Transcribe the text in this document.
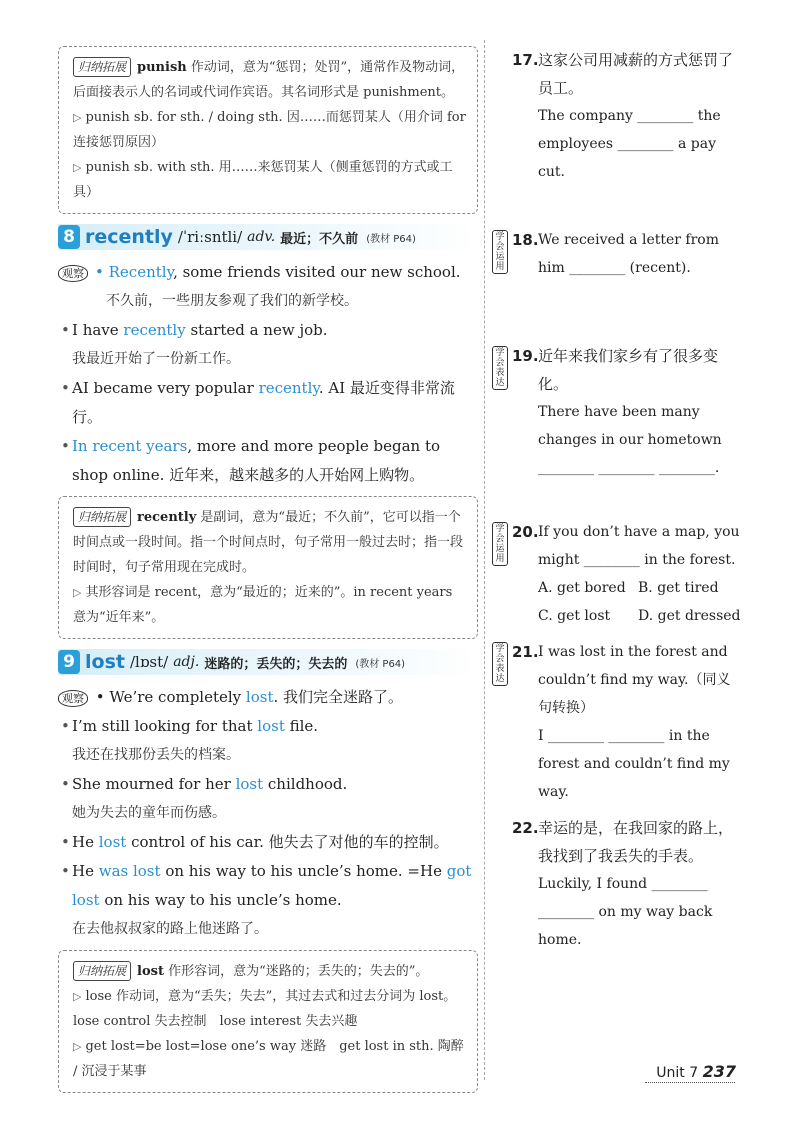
归纳拓展 punish 作动词，意为“惩罚；处罚”，通常作及物动词，后面接表示人的名词或代词作宾语。其名词形式是 punishment。
▷ punish sb. for sth. / doing sth. 因……而惩罚某人（用介词 for 连接惩罚原因）
▷ punish sb. with sth. 用……来惩罚某人（侧重惩罚的方式或工具）
8 recently /ˈriːsntli/ adv. 最近；不久前 (教材 P64)
观察 • Recently, some friends visited our new school.
不久前，一些朋友参观了我们的新学校。
• I have recently started a new job.
我最近开始了一份新工作。
• AI became very popular recently. AI 最近变得非常流行。
• In recent years, more and more people began to shop online. 近年来，越来越多的人开始网上购物。
归纳拓展 recently 是副词，意为“最近；不久前”，它可以指一个时间点或一段时间。指一个时间点时，句子常用一般过去时；指一段时间时，句子常用现在完成时。
▷ 其形容词是 recent，意为“最近的；近来的”。in recent years 意为“近年来”。
9 lost /lɒst/ adj. 迷路的；丢失的；失去的 (教材 P64)
观察 • We’re completely lost. 我们完全迷路了。
• I’m still looking for that lost file.
我还在找那份丢失的档案。
• She mourned for her lost childhood.
她为失去的童年而伤感。
• He lost control of his car. 他失去了对他的车的控制。
• He was lost on his way to his uncle’s home. =He got lost on his way to his uncle’s home.
在去他叔叔家的路上他迷路了。
归纳拓展 lost 作形容词，意为“迷路的；丢失的；失去的”。
▷ lose 作动词，意为“丢失；失去”，其过去式和过去分词为 lost。lose control 失去控制　lose interest 失去兴趣
▷ get lost=be lost=lose one’s way 迷路　get lost in sth. 陶醉 / 沉浸于某事
17. 这家公司用减薪的方式惩罚了员工。
The company ________ the employees ________ a pay cut.
学会运用
18. We received a letter from him ________ (recent).
学会表达
19. 近年来我们家乡有了很多变化。
There have been many changes in our hometown ________ ________ ________.
学会运用
20. If you don’t have a map, you might ________ in the forest.
A. get bored B. get tired
C. get lost D. get dressed
学会表达
21. I was lost in the forest and couldn’t find my way.（同义句转换）
I ________ ________ in the forest and couldn’t find my way.
22. 幸运的是，在我回家的路上，我找到了我丢失的手表。
Luckily, I found ________ ________ on my way back home.
Unit 7 237
